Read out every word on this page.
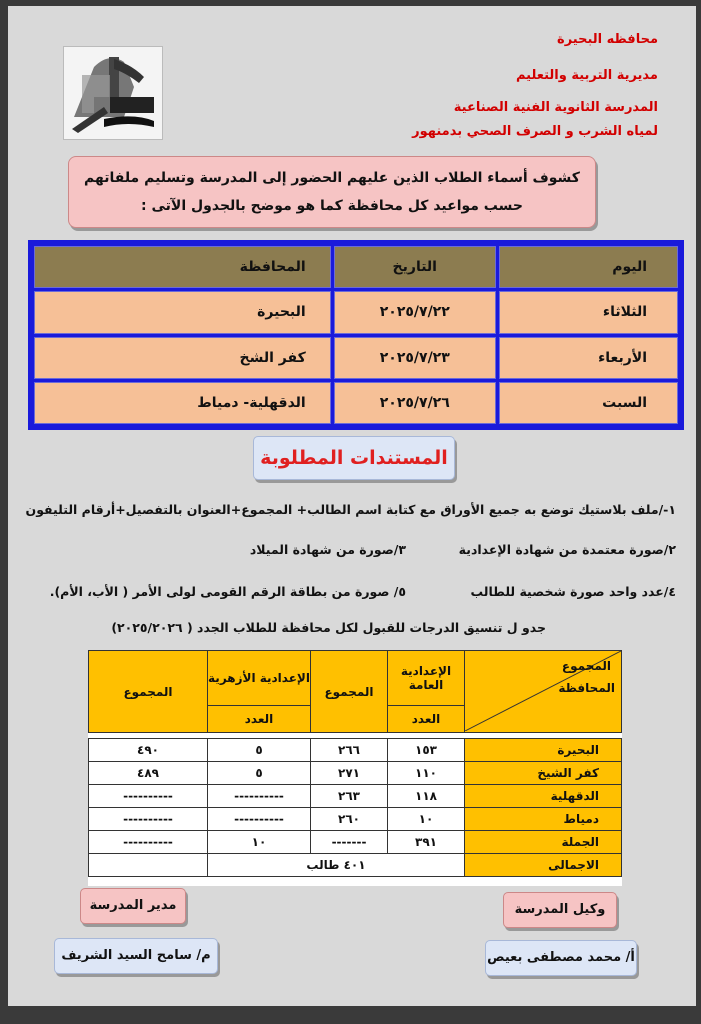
محافظه البحيرة
مديرية التربية والتعليم
المدرسة الثانوية الفنية الصناعية
لمياه الشرب و الصرف الصحي بدمنهور
كشوف أسماء الطلاب الذين عليهم الحضور إلى المدرسة وتسليم ملفاتهم حسب مواعيد كل محافظة كما هو موضح بالجدول الآتى :
اليوم	التاريخ	المحافظة
الثلاثاء	٢٠٢٥/٧/٢٢	البحيرة
الأربعاء	٢٠٢٥/٧/٢٣	كفر الشخ
السبت	٢٠٢٥/٧/٢٦	الدقهلية- دمياط
المستندات المطلوبة
١-/ملف بلاستيك توضع به جميع الأوراق مع كتابة اسم الطالب+ المجموع+العنوان بالتفصيل+أرقام التليفون
٢/صورة معتمدة من شهادة الإعدادية
٣/صورة من شهادة الميلاد
٤/عدد واحد صورة شخصية للطالب
٥/ صورة من بطاقة الرقم القومى لولى الأمر ( الأب، الأم).
جدو ل تنسيق الدرجات للقبول لكل محافظة للطلاب الجدد ( ٢٠٢٥/٢٠٢٦)
المجموع
المحافظة	الإعدادية العامة	المجموع	الإعدادية الأزهرية	المجموع
	العدد		العدد	

البحيرة	١٥٣	٢٦٦	٥	٤٩٠
كفر الشيخ	١١٠	٢٧١	٥	٤٨٩
الدقهلية	١١٨	٢٦٣	----------	----------
دمياط	١٠	٢٦٠	----------	----------
الجملة	٣٩١	-------	١٠	----------
الاجمالى	٤٠١ طالب			
وكيل المدرسة
مدير المدرسة
أ/ محمد مصطفى بعيص
م/ سامح السيد الشريف
